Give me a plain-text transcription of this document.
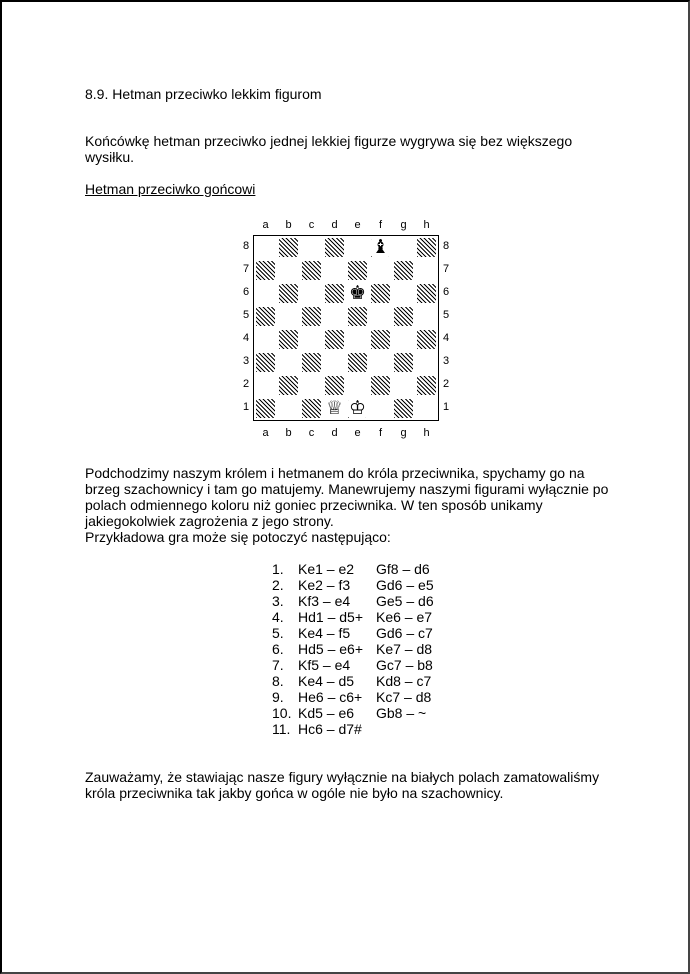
8.9. Hetman przeciwko lekkim figurom

Końcówkę hetman przeciwko jednej lekkiej figurze wygrywa się bez większego wysiłku.

Hetman przeciwko gońcowi

♝
♚
♕ ♔
a
a
b
b
c
c
d
d
e
e
f
f
g
g
h
h
8	8
7	7
6	6
5	5
4	4
3	3
2	2
1	1
Podchodzimy naszym królem i hetmanem do króla przeciwnika, spychamy go na
brzeg szachownicy i tam go matujemy. Manewrujemy naszymi figurami wyłącznie po
polach odmiennego koloru niż goniec przeciwnika. W ten sposób unikamy
jakiegokolwiek zagrożenia z jego strony.
Przykładowa gra może się potoczyć następująco:
1.	Ke1 – e2	Gf8 – d6
2.	Ke2 – f3	Gd6 – e5
3.	Kf3 – e4	Ge5 – d6
4.	Hd1 – d5+ Ke6 – e7
5.	Ke4 – f5	Gd6 – c7
6.	Hd5 – e6+ Ke7 – d8
7.	Kf5 – e4	Gc7 – b8
8.	Ke4 – d5	Kd8 – c7
9.	He6 – c6+ Kc7 – d8
10. Kd5 – e6	Gb8 – ~
11. Hc6 – d7#

Zauważamy, że stawiając nasze figury wyłącznie na białych polach zamatowaliśmy króla przeciwnika tak jakby gońca w ogóle nie było na szachownicy.
